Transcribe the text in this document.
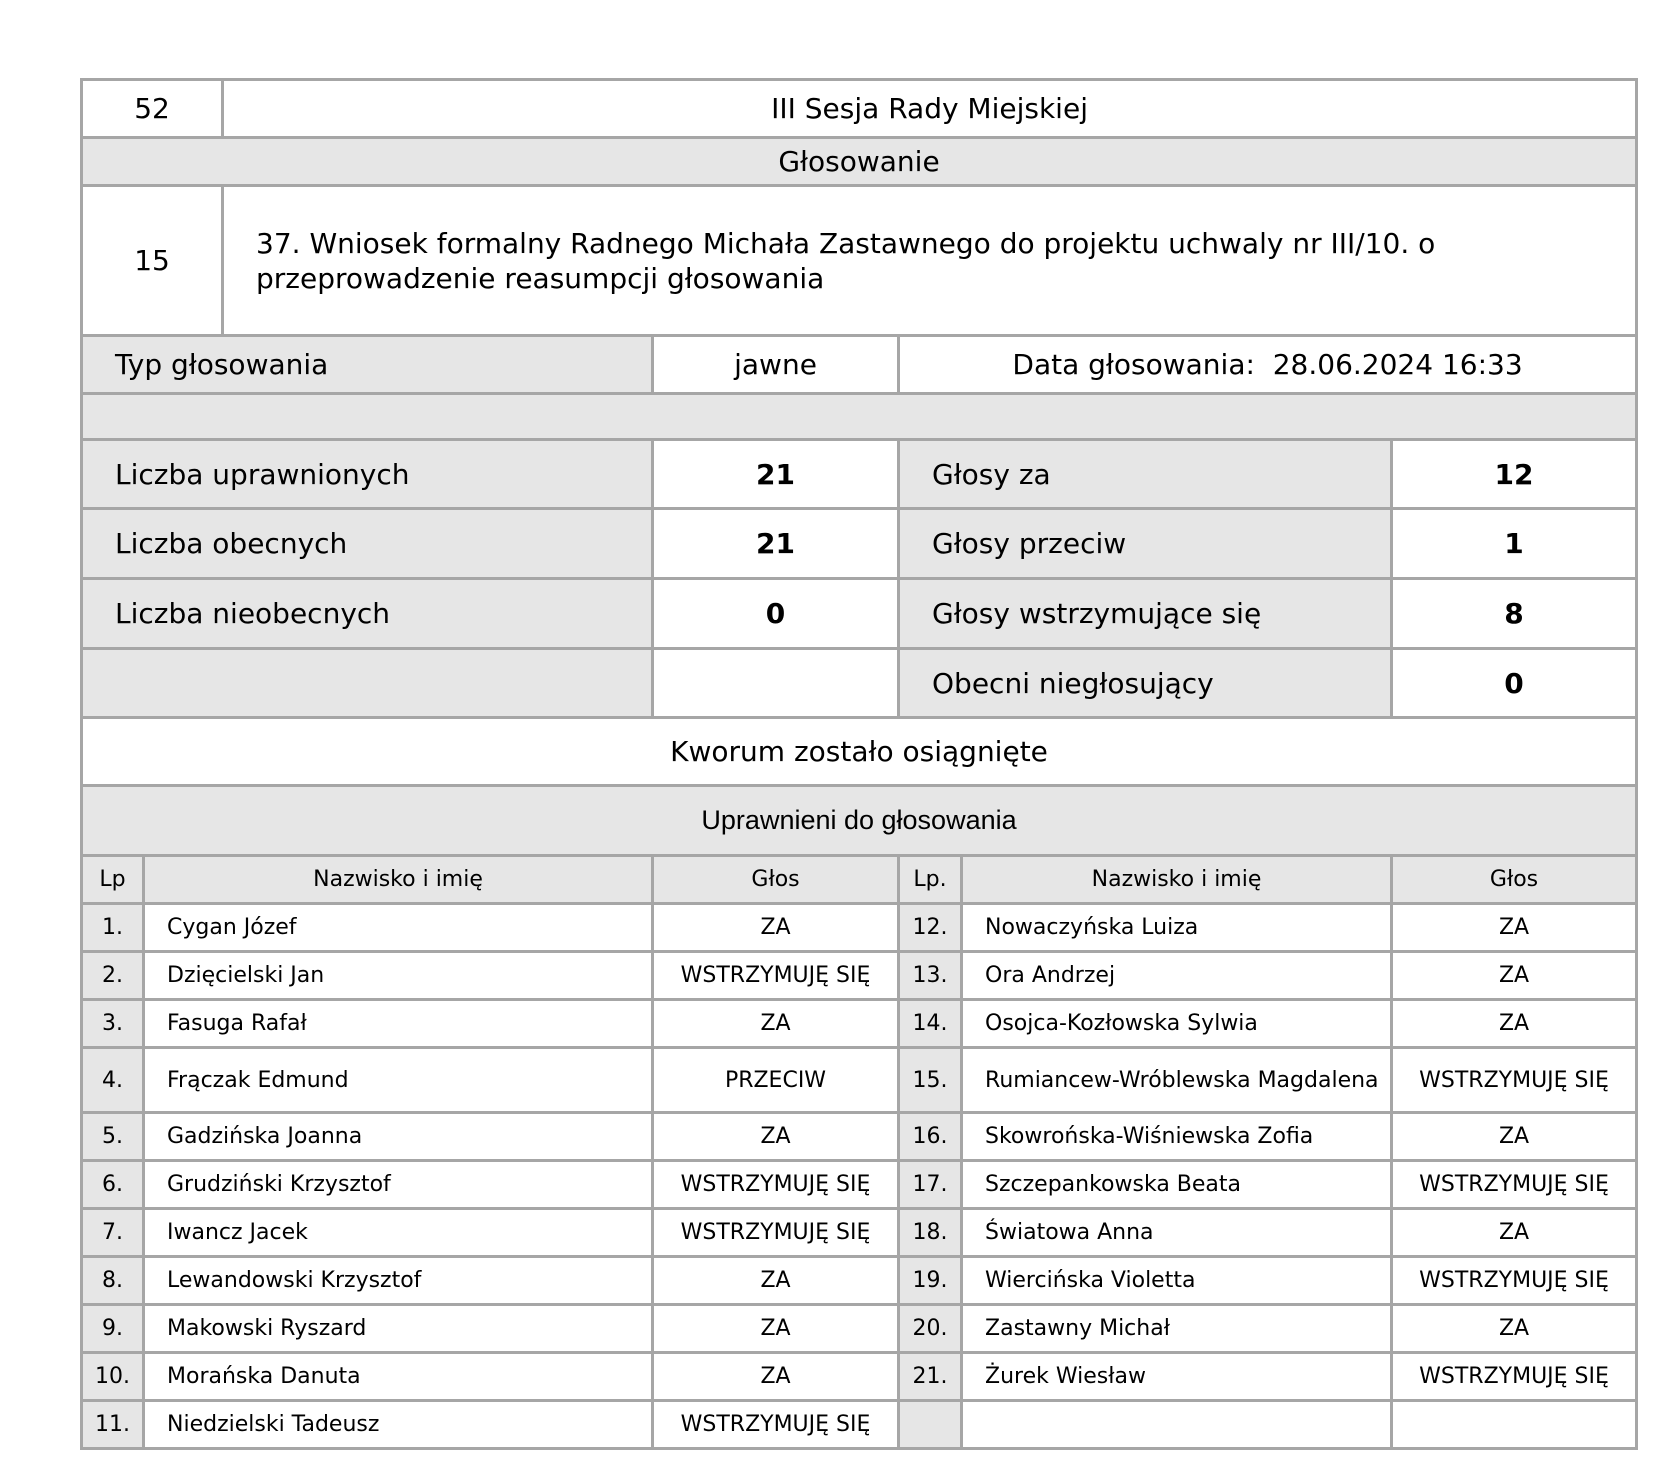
52		III Sesja Rady Miejskiej				
Głosowanie						
15		37. Wniosek formalny Radnego Michała Zastawnego do projektu uchwaly nr III/10. o przeprowadzenie reasumpcji głosowania				
Typ głosowania			jawne	Data głosowania: 28.06.2024 16:33		

Liczba uprawnionych			21	Głosy za		12
Liczba obecnych			21	Głosy przeciw		1
Liczba nieobecnych			0	Głosy wstrzymujące się		8
				Obecni niegłosujący		0
Kworum zostało osiągnięte						
Uprawnieni do głosowania						
Lp	Nazwisko i imię		Głos	Lp.	Nazwisko i imię	Głos
1.	Cygan Józef		ZA	12.	Nowaczyńska Luiza	ZA
2.	Dzięcielski Jan		WSTRZYMUJĘ SIĘ	13.	Ora Andrzej	ZA
3.	Fasuga Rafał		ZA	14.	Osojca-Kozłowska Sylwia	ZA
4.	Frączak Edmund		PRZECIW	15.	Rumiancew-Wróblewska Magdalena	WSTRZYMUJĘ SIĘ
5.	Gadzińska Joanna		ZA	16.	Skowrońska-Wiśniewska Zofia	ZA
6.	Grudziński Krzysztof		WSTRZYMUJĘ SIĘ	17.	Szczepankowska Beata	WSTRZYMUJĘ SIĘ
7.	Iwancz Jacek		WSTRZYMUJĘ SIĘ	18.	Światowa Anna	ZA
8.	Lewandowski Krzysztof		ZA	19.	Wiercińska Violetta	WSTRZYMUJĘ SIĘ
9.	Makowski Ryszard		ZA	20.	Zastawny Michał	ZA
10.	Morańska Danuta		ZA	21.	Żurek Wiesław	WSTRZYMUJĘ SIĘ
11.	Niedzielski Tadeusz		WSTRZYMUJĘ SIĘ			
